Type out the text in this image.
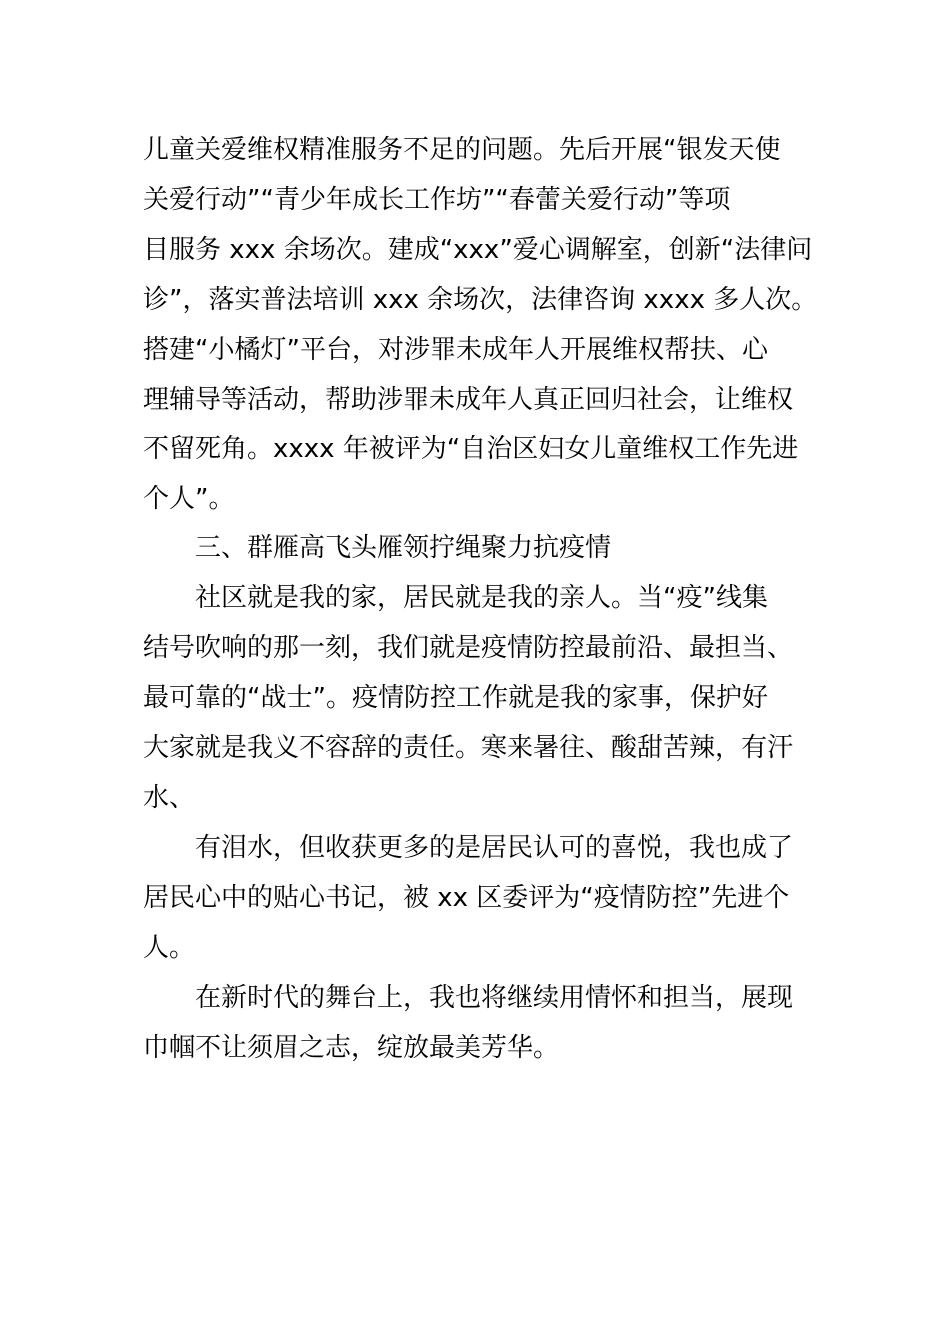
儿童关爱维权精准服务不足的问题。先后开展“银发天使
关爱行动”“青少年成长工作坊”“春蕾关爱行动”等项
目服务 xxx 余场次。建成“xxx”爱心调解室，创新“法律问
诊”，落实普法培训 xxx 余场次，法律咨询 xxxx 多人次。
搭建“小橘灯”平台，对涉罪未成年人开展维权帮扶、心
理辅导等活动，帮助涉罪未成年人真正回归社会，让维权
不留死角。xxxx 年被评为“自治区妇女儿童维权工作先进
个人”。
三、群雁高飞头雁领拧绳聚力抗疫情
社区就是我的家，居民就是我的亲人。当“疫”线集
结号吹响的那一刻，我们就是疫情防控最前沿、最担当、
最可靠的“战士”。疫情防控工作就是我的家事，保护好
大家就是我义不容辞的责任。寒来暑往、酸甜苦辣，有汗
水、
有泪水，但收获更多的是居民认可的喜悦，我也成了
居民心中的贴心书记，被 xx 区委评为“疫情防控”先进个
人。
在新时代的舞台上，我也将继续用情怀和担当，展现
巾帼不让须眉之志，绽放最美芳华。
